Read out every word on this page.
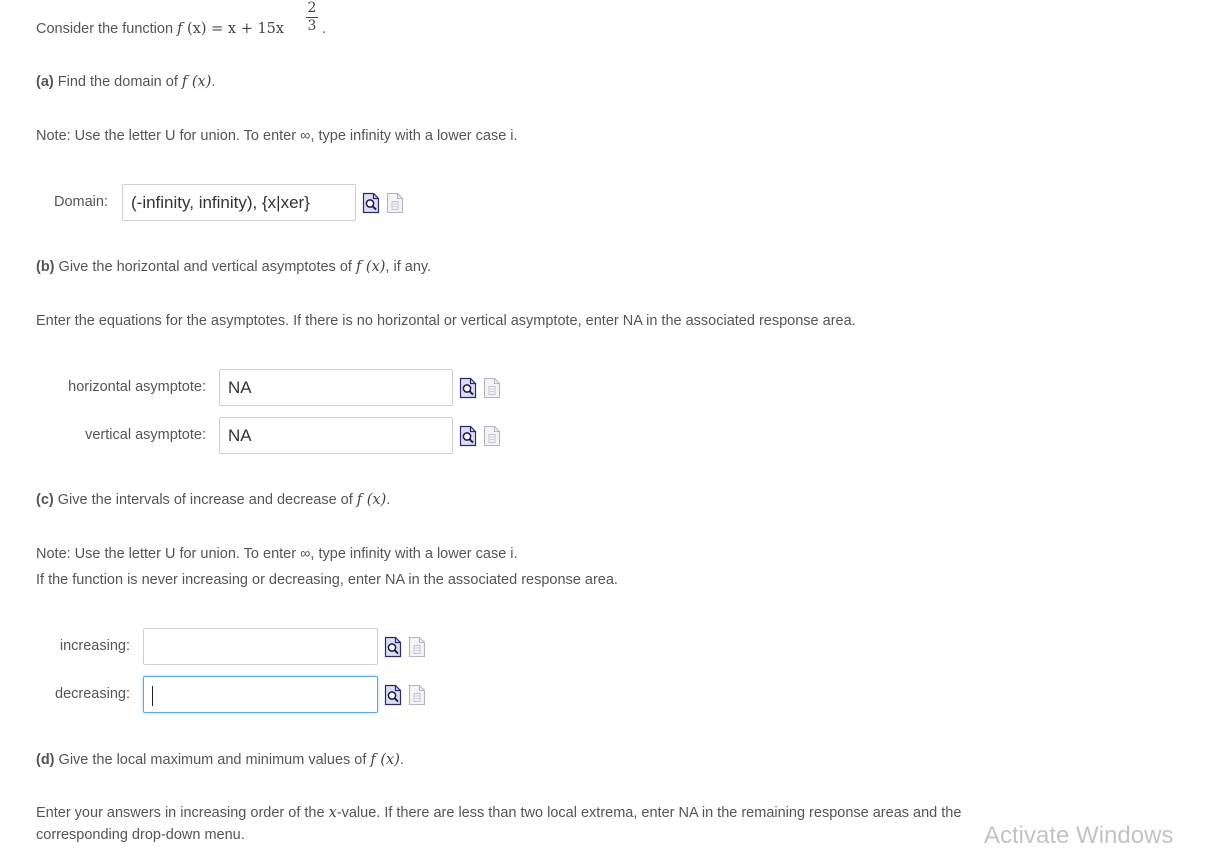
Consider the function f $(x) = x + 15x \frac{2}{3}$ .
(a) Find the domain of f (x).
Note: Use the letter U for union. To enter ∞, type infinity with a lower case i.
Domain:	(-infinity, infinity), {x|xer}
(b) Give the horizontal and vertical asymptotes of f (x), if any.
Enter the equations for the asymptotes. If there is no horizontal or vertical asymptote, enter NA in the associated response area.
horizontal asymptote:	NA
vertical asymptote:	NA
(c) Give the intervals of increase and decrease of f (x).
Note: Use the letter U for union. To enter ∞, type infinity with a lower case i.
If the function is never increasing or decreasing, enter NA in the associated response area.
increasing:
decreasing:
(d) Give the local maximum and minimum values of f (x).
Enter your answers in increasing order of the x-value. If there are less than two local extrema, enter NA in the remaining response areas and the
corresponding drop-down menu.	Activate Windows
